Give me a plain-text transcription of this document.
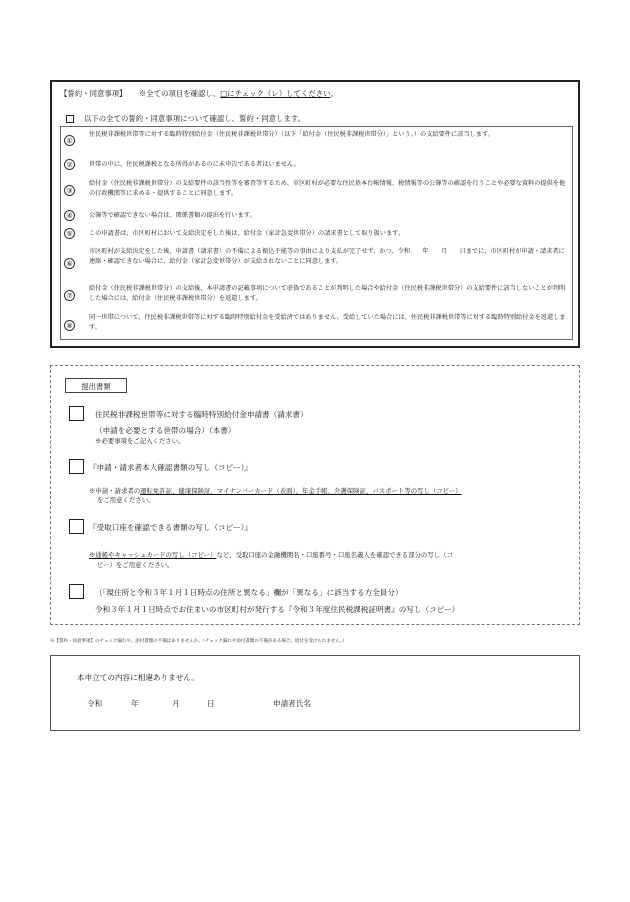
【誓約・同意事項】 ※全ての項目を確認し、□にチェック（レ）してください。
以下の全ての誓約・同意事項について確認し、誓約・同意します。
①
住民税非課税世帯等に対する臨時特別給付金（住民税非課税世帯分）（以下「給付金（住民税非課税世帯分）」という。）の支給要件に該当します。
②	世帯の中に、住民税課税となる所得があるのに未申告である者はいません。
③
給付金（住民税非課税世帯分）の支給要件の該当性等を審査等するため、市区町村が必要な住民基本台帳情報、税情報等の公簿等の確認を行うことや必要な資料の提供を他の行政機関等に求める・提供することに同意します。
④	公簿等で確認できない場合は、関係書類の提出を行います。
⑤	この申請書は、市区町村において支給決定をした後は、給付金（家計急変世帯分）の請求書として取り扱います。
⑥
市区町村が支給決定をした後、申請書（請求書）の不備による振込不能等の事由により支払が完了せず、かつ、令和　　年　　月　　日までに、市区町村が申請・請求者に連絡・確認できない場合に、給付金（家計急変世帯分）が支給されないことに同意します。
⑦
給付金（住民税非課税世帯分）の支給後、本申請書の記載事項について虚偽であることが判明した場合や給付金（住民税非課税世帯分）の支給要件に該当しないことが判明した場合には、給付金（住民税非課税世帯分）を返還します。
⑧
同一世帯について、住民税非課税世帯等に対する臨時特別給付金を受給済ではありません。受給していた場合には、住民税非課税世帯等に対する臨時特別給付金を返還します。
提出書類
住民税非課税世帯等に対する臨時特別給付金申請書（請求書）
（申請を必要とする世帯の場合）（本書）
※必要事項をご記入ください。
『申請・請求者本人確認書類の写し（コピー）』
※申請・請求者の運転免許証、健康保険証、マイナンバーカード（表面）、年金手帳、介護保険証、パスポート等の写し（コピー）
をご用意ください。
『受取口座を確認できる書類の写し（コピー）』
※通帳やキャッシュカードの写し（コピー）など、受取口座の金融機関名・口座番号・口座名義人を確認できる部分の写し（コ
ピー）をご用意ください。
（「現住所と令和３年１月１日時点の住所と異なる」欄が「異なる」に該当する方全員分）
令和３年１月１日時点でお住まいの市区町村が発行する『令和３年度住民税課税証明書』の写し（コピー）
※【誓約・同意事項】のチェック漏れや、添付書類の不備はありませんか。（チェック漏れや添付書類の不備がある場合、給付を受けられません。）
本申立ての内容に相違ありません。
令和	年	月	日	申請者氏名
